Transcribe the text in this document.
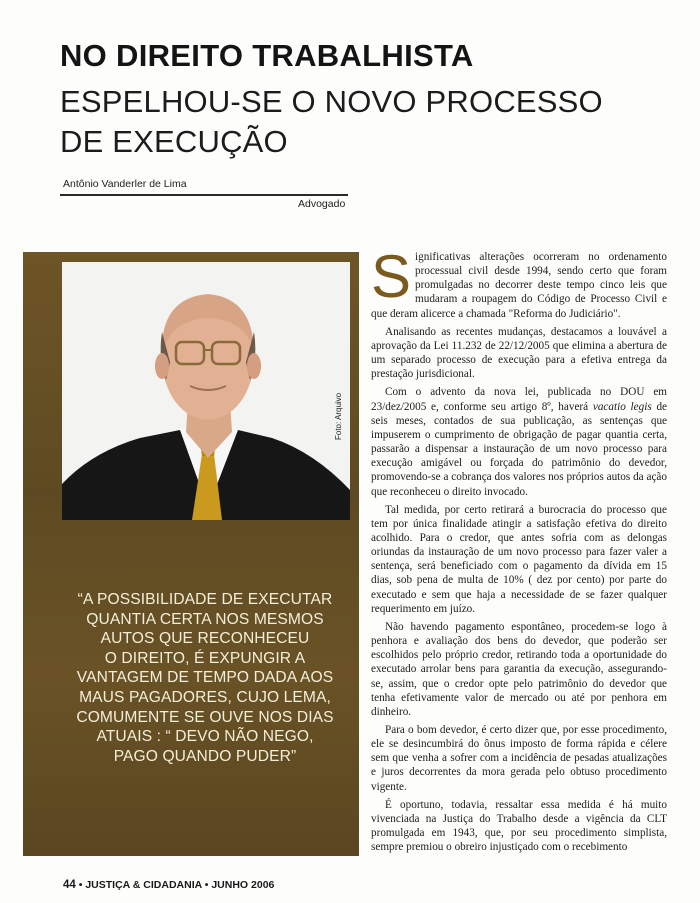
NO DIREITO TRABALHISTA
ESPELHOU-SE O NOVO PROCESSO
DE EXECUÇÃO
Antônio Vanderler de Lima
Advogado
Foto: Arquivo
“A POSSIBILIDADE DE EXECUTAR
QUANTIA CERTA NOS MESMOS
AUTOS QUE RECONHECEU
O DIREITO, É EXPUNGIR A
VANTAGEM DE TEMPO DADA AOS
MAUS PAGADORES, CUJO LEMA,
COMUMENTE SE OUVE NOS DIAS
ATUAIS : “ DEVO NÃO NEGO,
PAGO QUANDO PUDER”

Significativas alterações ocorreram no ordenamento processual civil desde 1994, sendo certo que foram promulgadas no decorrer deste tempo cinco leis que mudaram a roupagem do Código de Processo Civil e que deram alicerce a chamada "Reforma do Judiciário".

Analisando as recentes mudanças, destacamos a louvável a aprovação da Lei 11.232 de 22/12/2005 que elimina a abertura de um separado processo de execução para a efetiva entrega da prestação jurisdicional.

Com o advento da nova lei, publicada no DOU em 23/dez/2005 e, conforme seu artigo 8º, haverá vacatio legis de seis meses, contados de sua publicação, as sentenças que impuserem o cumprimento de obrigação de pagar quantia certa, passarão a dispensar a instauração de um novo processo para execução amigável ou forçada do patrimônio do devedor, promovendo-se a cobrança dos valores nos próprios autos da ação que reconheceu o direito invocado.

Tal medida, por certo retirará a burocracia do processo que tem por única finalidade atingir a satisfação efetiva do direito acolhido. Para o credor, que antes sofria com as delongas oriundas da instauração de um novo processo para fazer valer a sentença, será beneficiado com o pagamento da dívida em 15 dias, sob pena de multa de 10% ( dez por cento) por parte do executado e sem que haja a necessidade de se fazer qualquer requerimento em juízo.

Não havendo pagamento espontâneo, procedem-se logo à penhora e avaliação dos bens do devedor, que poderão ser escolhidos pelo próprio credor, retirando toda a oportunidade do executado arrolar bens para garantia da execução, assegurando-se, assim, que o credor opte pelo patrimônio do devedor que tenha efetivamente valor de mercado ou até por penhora em dinheiro.

Para o bom devedor, é certo dizer que, por esse procedimento, ele se desincumbirá do ônus imposto de forma rápida e célere sem que venha a sofrer com a incidência de pesadas atualizações e juros decorrentes da mora gerada pelo obtuso procedimento vigente.

É oportuno, todavia, ressaltar essa medida é há muito vivenciada na Justiça do Trabalho desde a vigência da CLT promulgada em 1943, que, por seu procedimento simplista, sempre premiou o obreiro injustiçado com o recebimento

44 • JUSTIÇA & CIDADANIA • JUNHO 2006
